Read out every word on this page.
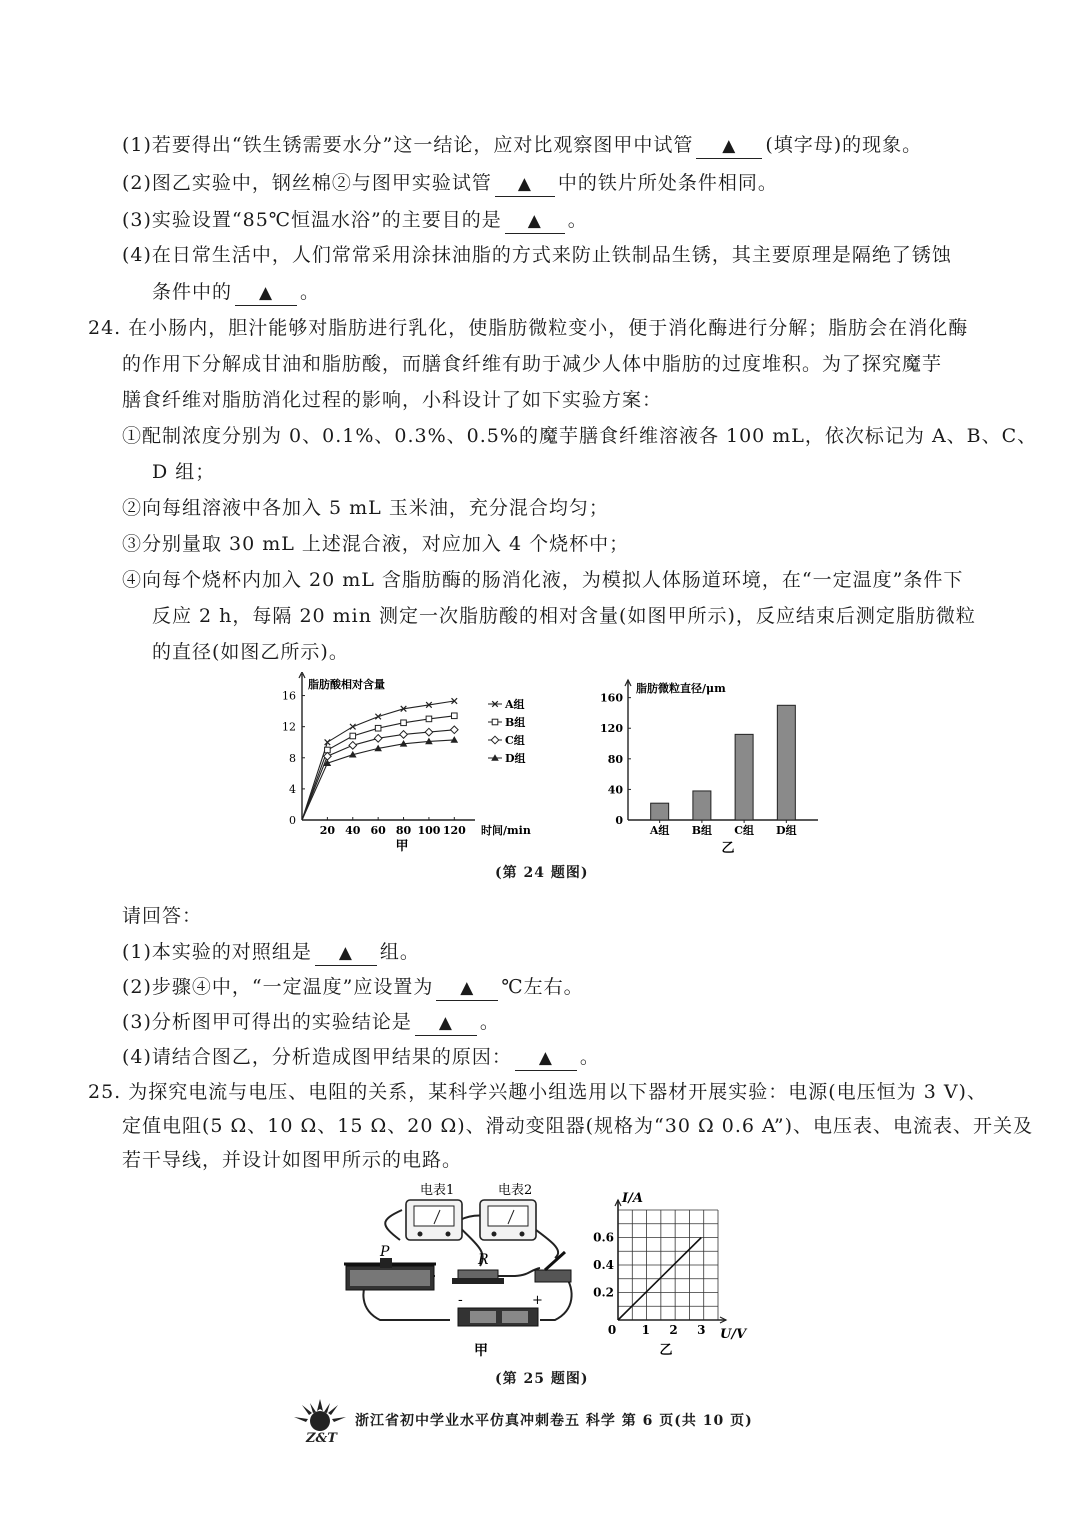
(1)若要得出“铁生锈需要水分”这一结论，应对比观察图甲中试管 ▲ (填字母)的现象。
(2)图乙实验中，钢丝棉②与图甲实验试管 ▲ 中的铁片所处条件相同。
(3)实验设置“85℃恒温水浴”的主要目的是 ▲ 。
(4)在日常生活中，人们常常采用涂抹油脂的方式来防止铁制品生锈，其主要原理是隔绝了锈蚀
条件中的 ▲ 。
24. 在小肠内，胆汁能够对脂肪进行乳化，使脂肪微粒变小，便于消化酶进行分解；脂肪会在消化酶
的作用下分解成甘油和脂肪酸，而膳食纤维有助于减少人体中脂肪的过度堆积。为了探究魔芋
膳食纤维对脂肪消化过程的影响，小科设计了如下实验方案：
①配制浓度分别为 0、0.1%、0.3%、0.5%的魔芋膳食纤维溶液各 100 mL，依次标记为 A、B、C、
D 组；
②向每组溶液中各加入 5 mL 玉米油，充分混合均匀；
③分别量取 30 mL 上述混合液，对应加入 4 个烧杯中；
④向每个烧杯内加入 20 mL 含脂肪酶的肠消化液，为模拟人体肠道环境，在“一定温度”条件下
反应 2 h，每隔 20 min 测定一次脂肪酸的相对含量(如图甲所示)，反应结束后测定脂肪微粒
的直径(如图乙所示)。
脂肪酸相对含量
0
4
8
12
16
20 40 60 80 100 120 时间/min
甲
A组
B组
C组
D组
脂肪微粒直径/μm
0
40
80
120
160
A组 B组 C组 D组
乙
(第 24 题图)
请回答：
(1)本实验的对照组是 ▲ 组。
(2)步骤④中，“一定温度”应设置为 ▲ ℃左右。
(3)分析图甲可得出的实验结论是 ▲ 。
(4)请结合图乙，分析造成图甲结果的原因： ▲ 。
25. 为探究电流与电压、电阻的关系，某科学兴趣小组选用以下器材开展实验：电源(电压恒为 3 V)、
定值电阻(5 Ω、10 Ω、15 Ω、20 Ω)、滑动变阻器(规格为“30 Ω 0.6 A”)、电压表、电流表、开关及
若干导线，并设计如图甲所示的电路。
电表1	电表2
P	R
-	+
甲
I/A
0.2
0.4
0.6
0 1 2 3 U/V
乙
(第 25 题图)
Z&T
浙江省初中学业水平仿真冲刺卷五 科学 第 6 页(共 10 页)
